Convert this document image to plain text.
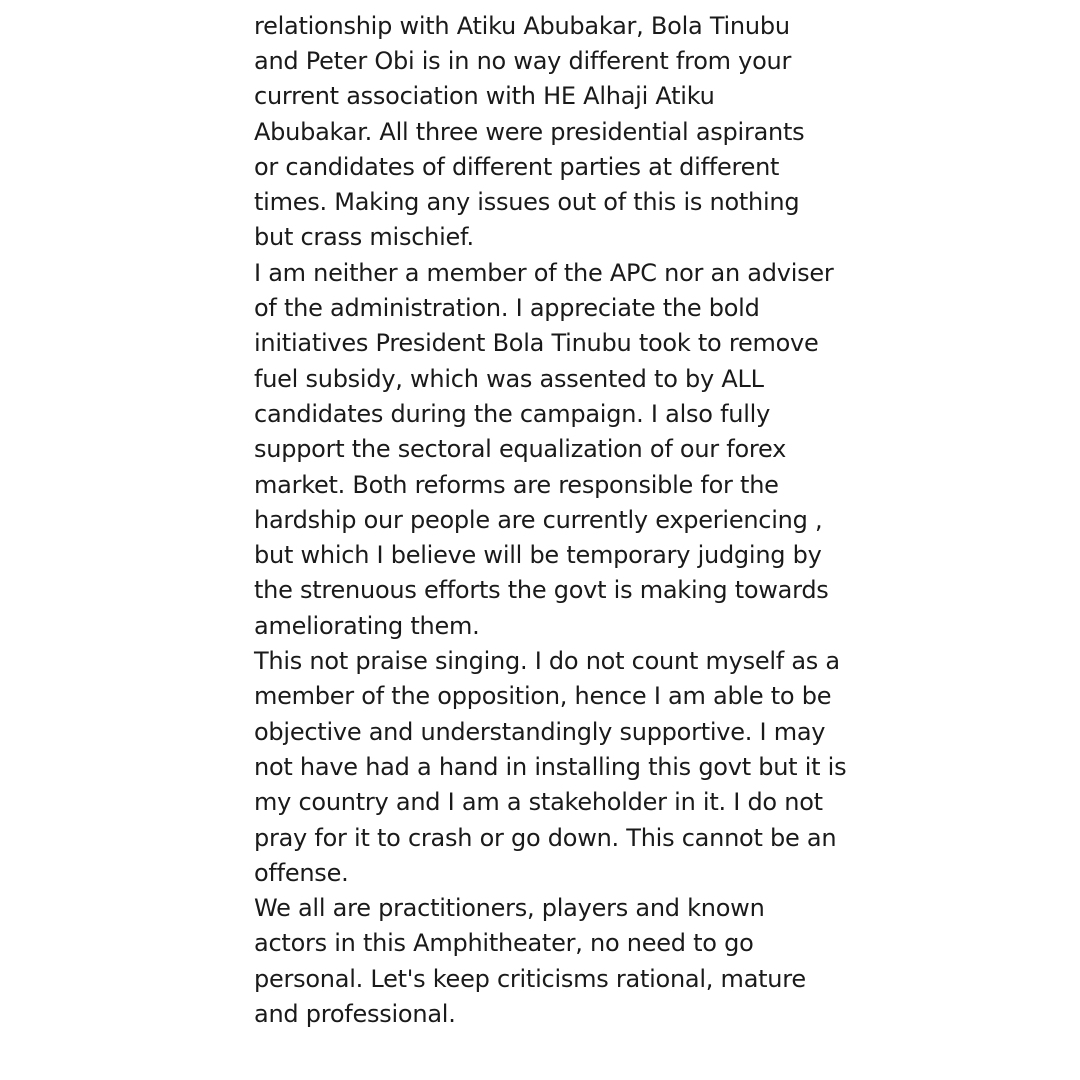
relationship with Atiku Abubakar, Bola Tinubu
and Peter Obi is in no way different from your
current association with HE Alhaji Atiku
Abubakar. All three were presidential aspirants
or candidates of different parties at different
times. Making any issues out of this is nothing
but crass mischief.
I am neither a member of the APC nor an adviser
of the administration. I appreciate the bold
initiatives President Bola Tinubu took to remove
fuel subsidy, which was assented to by ALL
candidates during the campaign. I also fully
support the sectoral equalization of our forex
market. Both reforms are responsible for the
hardship our people are currently experiencing ,
but which I believe will be temporary judging by
the strenuous efforts the govt is making towards
ameliorating them.
This not praise singing. I do not count myself as a
member of the opposition, hence I am able to be
objective and understandingly supportive. I may
not have had a hand in installing this govt but it is
my country and I am a stakeholder in it. I do not
pray for it to crash or go down. This cannot be an
offense.
We all are practitioners, players and known
actors in this Amphitheater, no need to go
personal. Let's keep criticisms rational, mature
and professional.
